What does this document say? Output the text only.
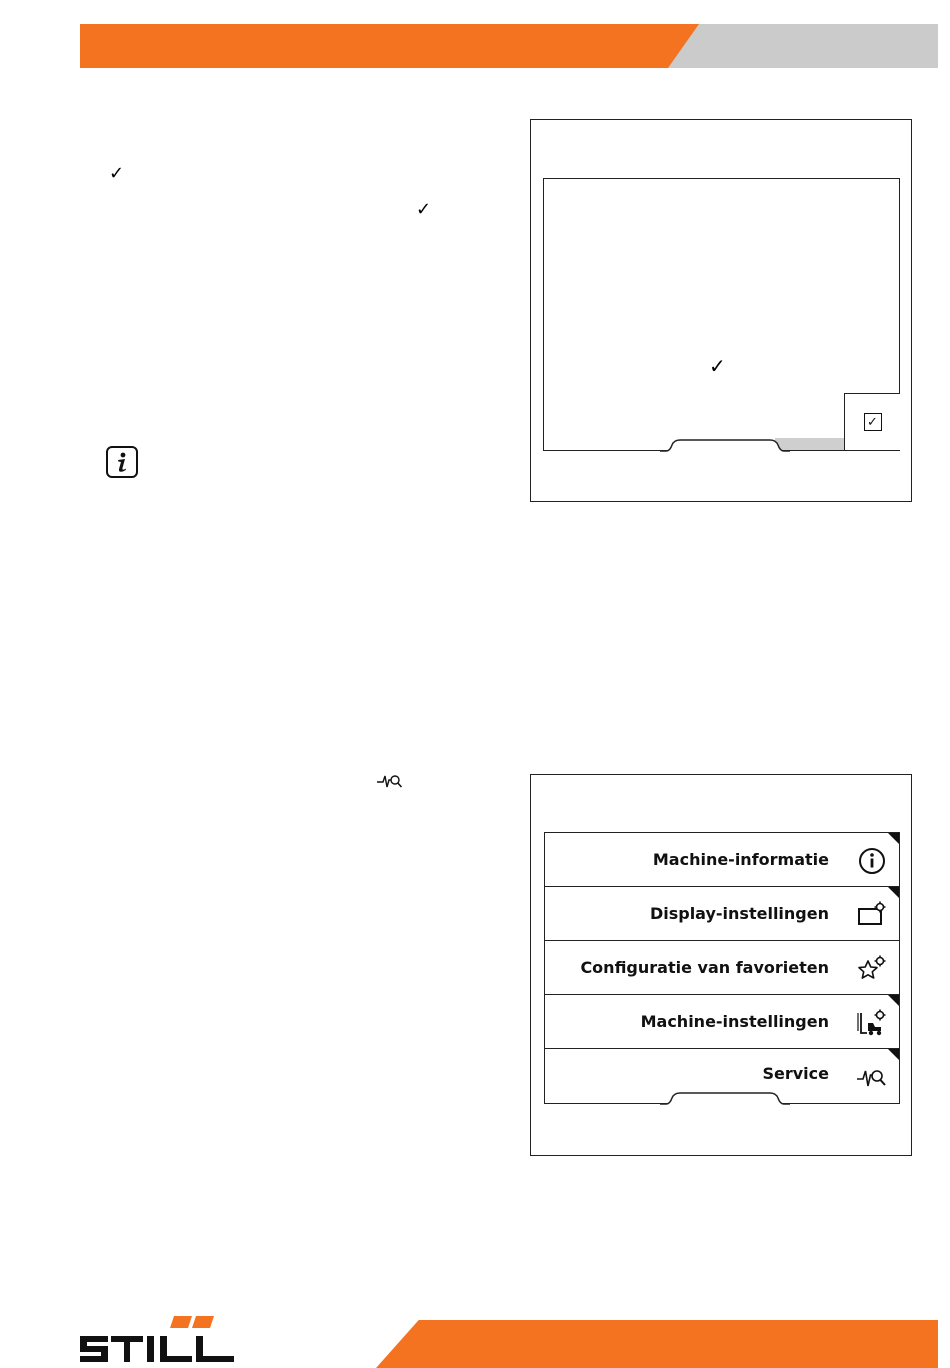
✓
✓
✓
✓
Machine-informatie
Display-instellingen
Configuratie van favorieten
Machine-instellingen
Service
